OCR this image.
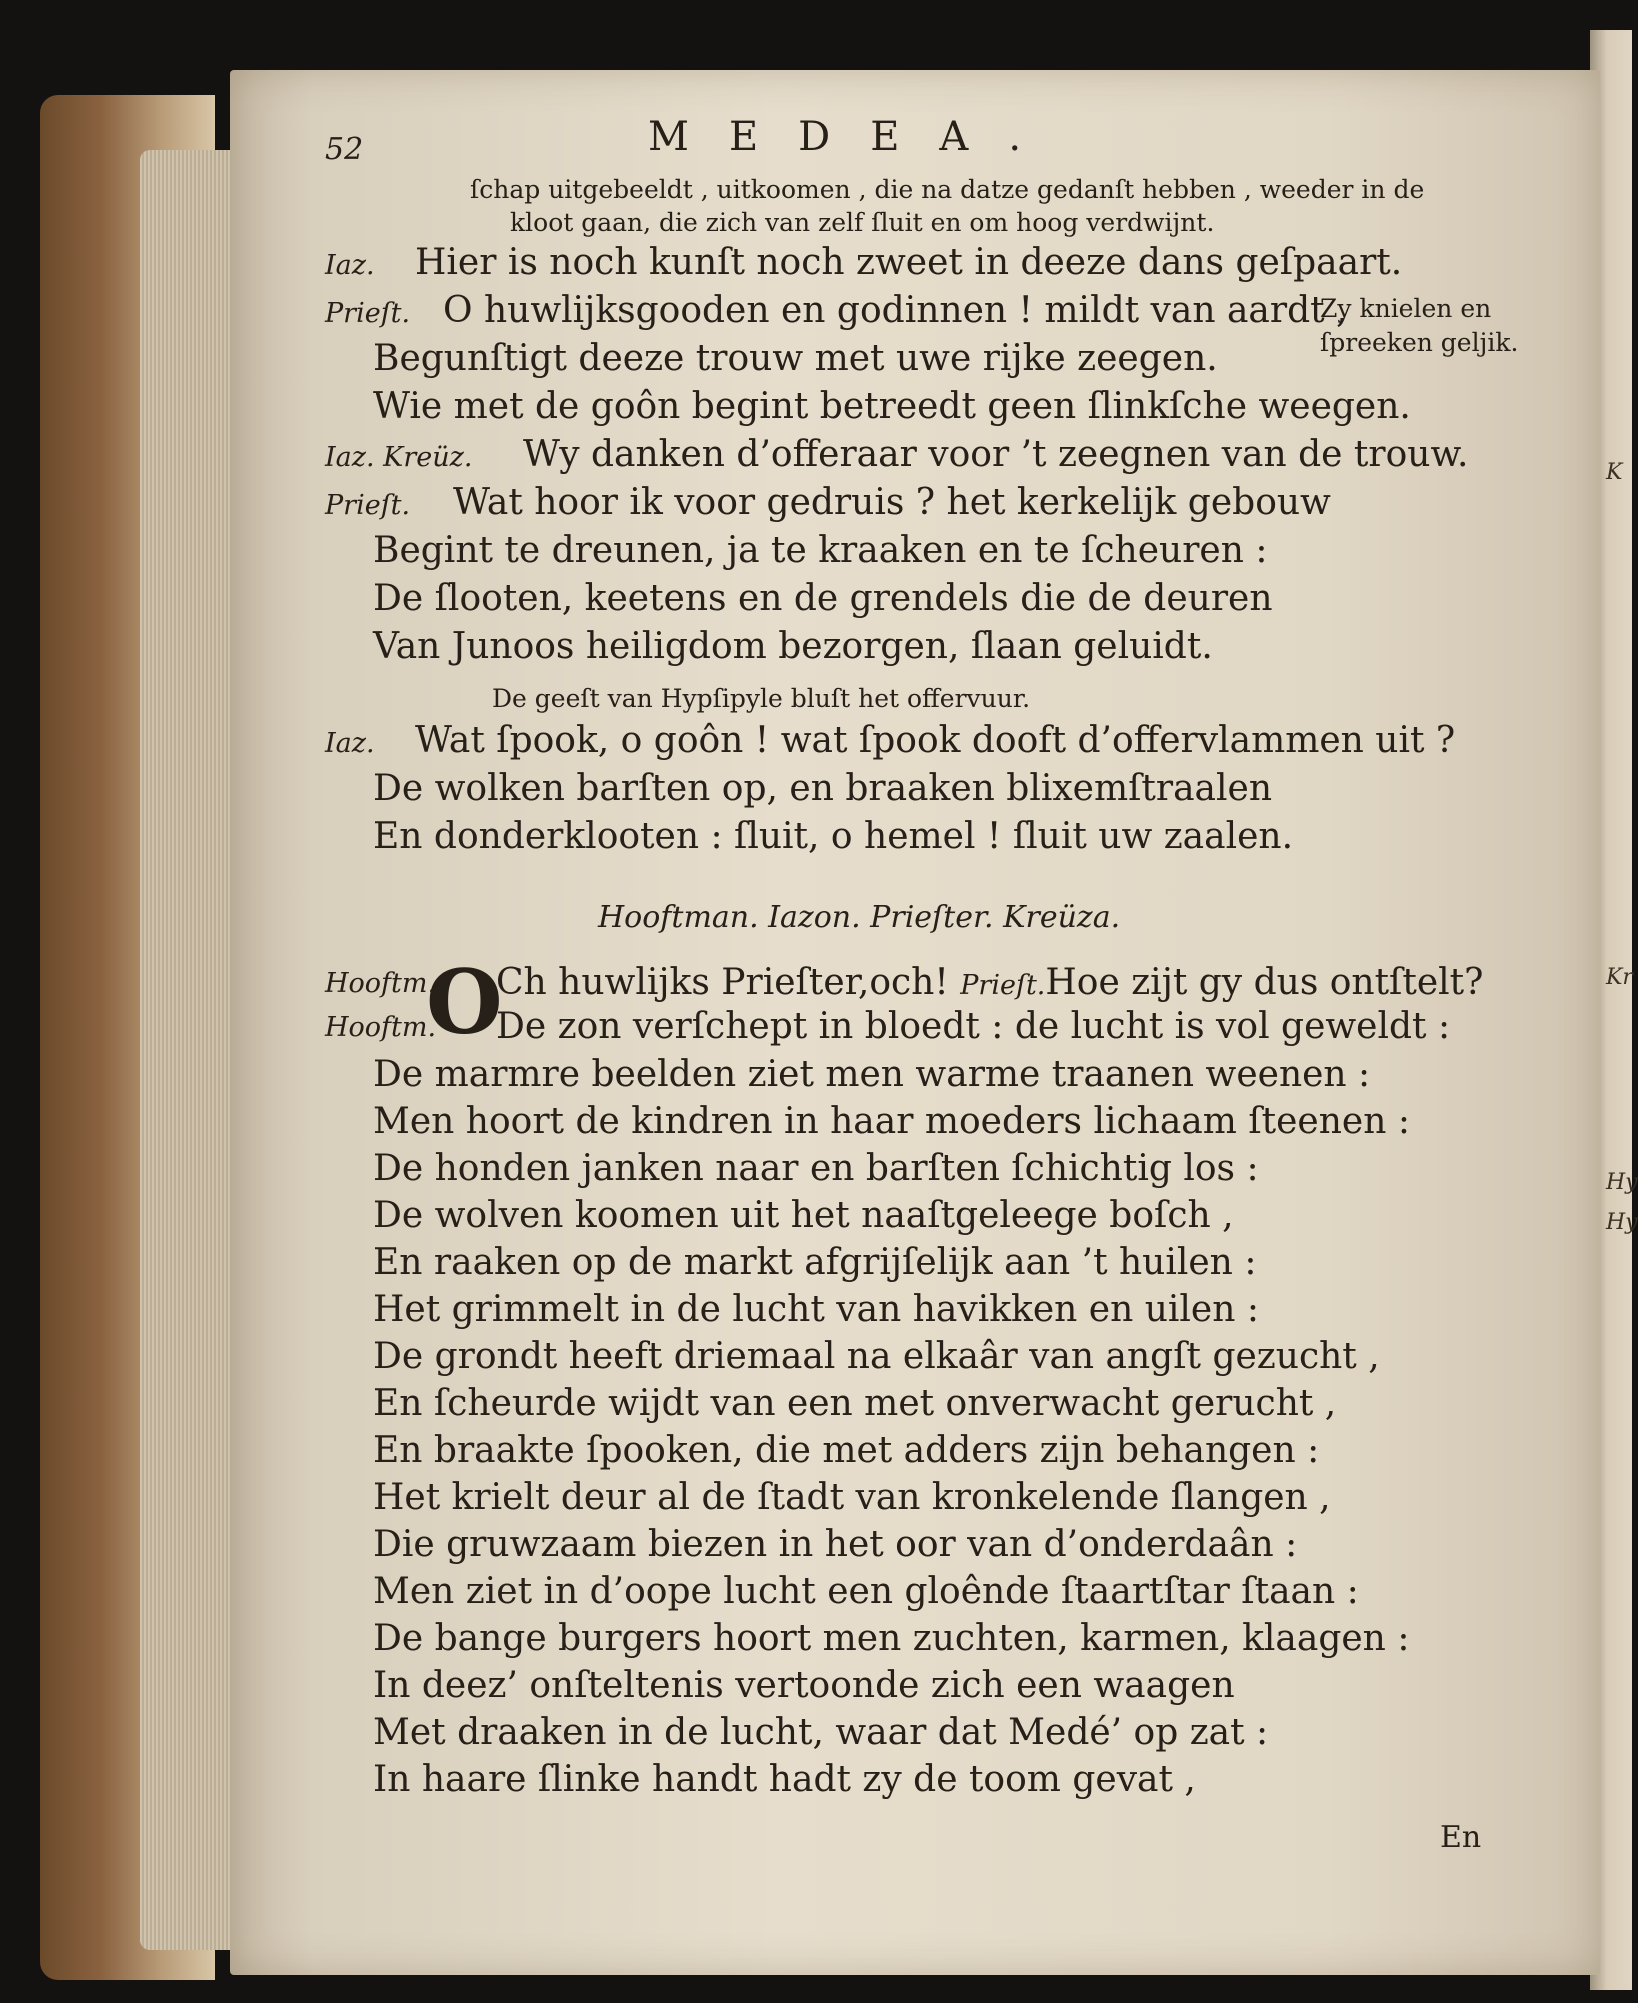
K
Kr
Hy
Hy
52	MEDEA.
ſchap uitgebeeldt , uitkoomen , die na datze gedanſt hebben , weeder in de
kloot gaan, die zich van zelf ſluit en om hoog verdwijnt.
Iaz. Hier is noch kunſt noch zweet in deeze dans geſpaart.
Prieſt. O huwlijksgooden en godinnen ! mildt van aardt ,
Begunſtigt deeze trouw met uwe rijke zeegen.
Wie met de goôn begint betreedt geen ſlinkſche weegen.
Iaz. Kreüz. Wy danken d’offeraar voor ’t zeegnen van de trouw.
Prieſt. Wat hoor ik voor gedruis ? het kerkelijk gebouw
Begint te dreunen, ja te kraaken en te ſcheuren :
De ſlooten, keetens en de grendels die de deuren
Van Junoos heiligdom bezorgen, ſlaan geluidt.
Zy knielen en
ſpreeken geljik.
De geeſt van Hypſipyle bluſt het offervuur.
Iaz. Wat ſpook, o goôn ! wat ſpook dooft d’offervlammen uit ?
De wolken barſten op, en braaken blixemſtraalen
En donderklooten : ſluit, o hemel ! ſluit uw zaalen.
Hooftman. Iazon. Prieſter. Kreüza.
Hooftm.
Hooftm.
O
Ch huwlijks Prieſter,och! Prieſt.Hoe zijt gy dus ontſtelt?
De zon verſchept in bloedt : de lucht is vol geweldt :
De marmre beelden ziet men warme traanen weenen :
Men hoort de kindren in haar moeders lichaam ſteenen :
De honden janken naar en barſten ſchichtig los :
De wolven koomen uit het naaſtgeleege boſch ,
En raaken op de markt afgrijſelijk aan ’t huilen :
Het grimmelt in de lucht van havikken en uilen :
De grondt heeft driemaal na elkaâr van angſt gezucht ,
En ſcheurde wijdt van een met onverwacht gerucht ,
En braakte ſpooken, die met adders zijn behangen :
Het krielt deur al de ſtadt van kronkelende ſlangen ,
Die gruwzaam biezen in het oor van d’onderdaân :
Men ziet in d’oope lucht een gloênde ſtaartſtar ſtaan :
De bange burgers hoort men zuchten, karmen, klaagen :
In deez’ onſteltenis vertoonde zich een waagen
Met draaken in de lucht, waar dat Medé’ op zat :
In haare ſlinke handt hadt zy de toom gevat ,
En
